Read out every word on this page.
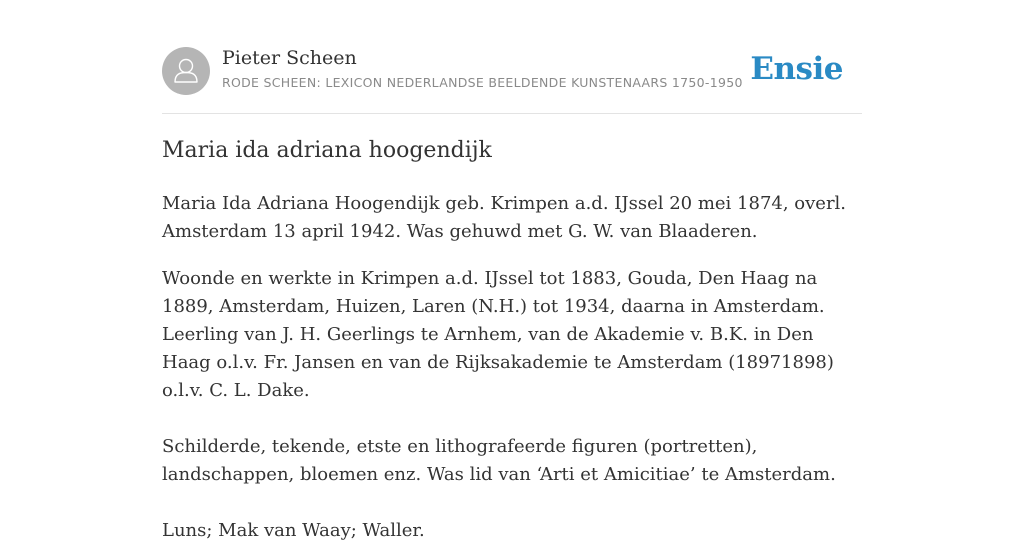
Pieter Scheen
RODE SCHEEN: LEXICON NEDERLANDSE BEELDENDE KUNSTENAARS 1750-1950 Ensie
Maria ida adriana hoogendijk

Maria Ida Adriana Hoogendijk geb. Krimpen a.d. IJssel 20 mei 1874, overl. Amsterdam 13 april 1942. Was gehuwd met G. W. van Blaaderen.

Woonde en werkte in Krimpen a.d. IJssel tot 1883, Gouda, Den Haag na 1889, Amsterdam, Huizen, Laren (N.H.) tot 1934, daarna in Amsterdam. Leerling van J. H. Geerlings te Arnhem, van de Akademie v. B.K. in Den Haag o.l.v. Fr. Jansen en van de Rijksakademie te Amsterdam (18971898) o.l.v. C. L. Dake.

Schilderde, tekende, etste en lithografeerde figuren (portretten), landschappen, bloemen enz. Was lid van ‘Arti et Amicitiae’ te Amsterdam.

Luns; Mak van Waay; Waller.
